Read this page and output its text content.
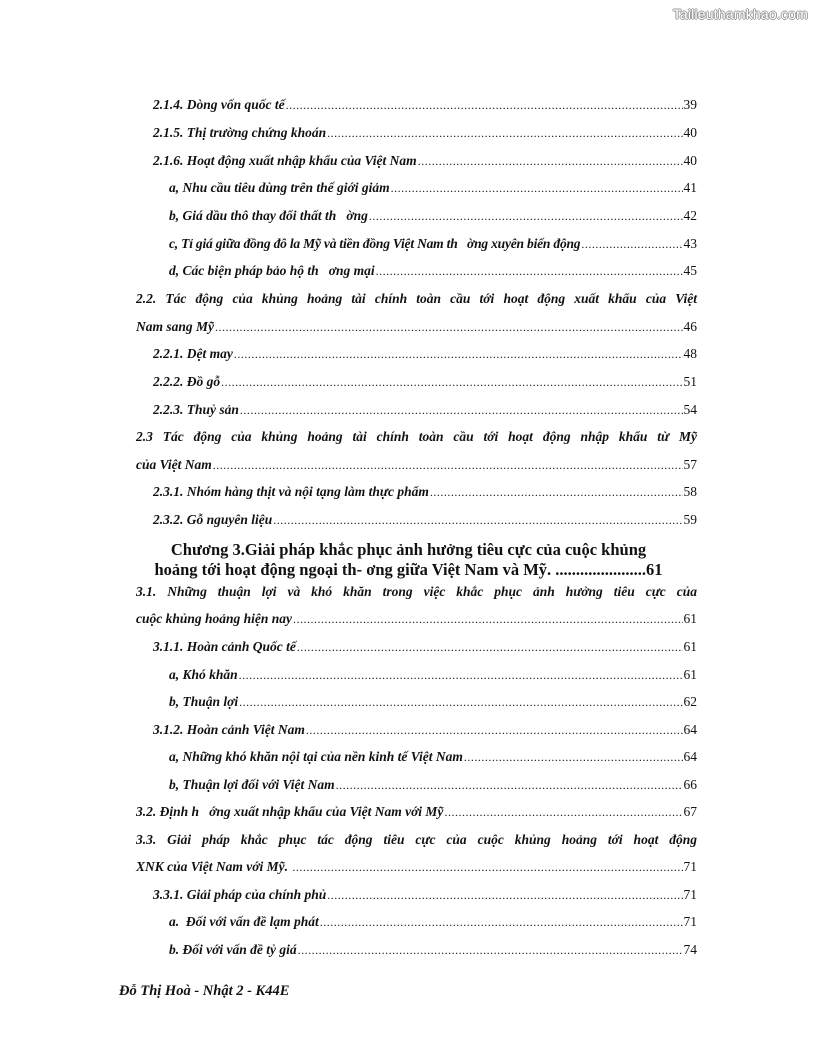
Tailieuthamkhao.com
2.1.4. Dòng vốn quốc tế .....	39
2.1.5. Thị trường chứng khoán .....	40
2.1.6. Hoạt động xuất nhập khẩu của Việt Nam .....	40
a, Nhu cầu tiêu dùng trên thế giới giảm .....	41
b, Giá dầu thô thay đổi thất th   ờng .....	42
c, Tỉ giá giữa đồng đô la Mỹ và tiền đồng Việt Nam th   ờng xuyên biến động .....	43
d, Các biện pháp bảo hộ th   ơng mại .....	45
2.2. Tác động của khủng hoảng tài chính toàn cầu tới hoạt động xuất khẩu của Việt
Nam sang Mỹ .....	46
2.2.1. Dệt may .....	48
2.2.2. Đồ gỗ .....	51
2.2.3. Thuỷ sản .....	54
2.3 Tác động của khủng hoảng tài chính toàn cầu tới hoạt động nhập khẩu từ Mỹ
của Việt Nam .....	57
2.3.1. Nhóm hàng thịt và nội tạng làm thực phẩm .....	58
2.3.2. Gỗ nguyên liệu .....	59
Chương 3.Giải pháp khắc phục ảnh hưởng tiêu cực của cuộc khủng
hoảng tới hoạt động ngoại th- ơng giữa Việt Nam và Mỹ. ......................61
3.1. Những thuận lợi và khó khăn trong việc khắc phục ảnh hưởng tiêu cực của
cuộc khủng hoảng hiện nay .....	61
3.1.1. Hoàn cảnh Quốc tế .....	61
a, Khó khăn .....	61
b, Thuận lợi .....	62
3.1.2. Hoàn cảnh Việt Nam .....	64
a, Những khó khăn nội tại của nền kinh tế Việt Nam .....	64
b, Thuận lợi đối với Việt Nam .....	66
3.2. Định h   ớng xuất nhập khẩu của Việt Nam với Mỹ .....	67
3.3. Giải pháp khắc phục tác động tiêu cực của cuộc khủng hoảng tới hoạt động
XNK của Việt Nam với Mỹ. .....	71
3.3.1. Giải pháp của chính phủ .....	71
a.  Đối với vấn đề lạm phát .....	71
b. Đối với vấn đề tỷ giá .....	74
Đỗ Thị Hoà - Nhật 2 - K44E
